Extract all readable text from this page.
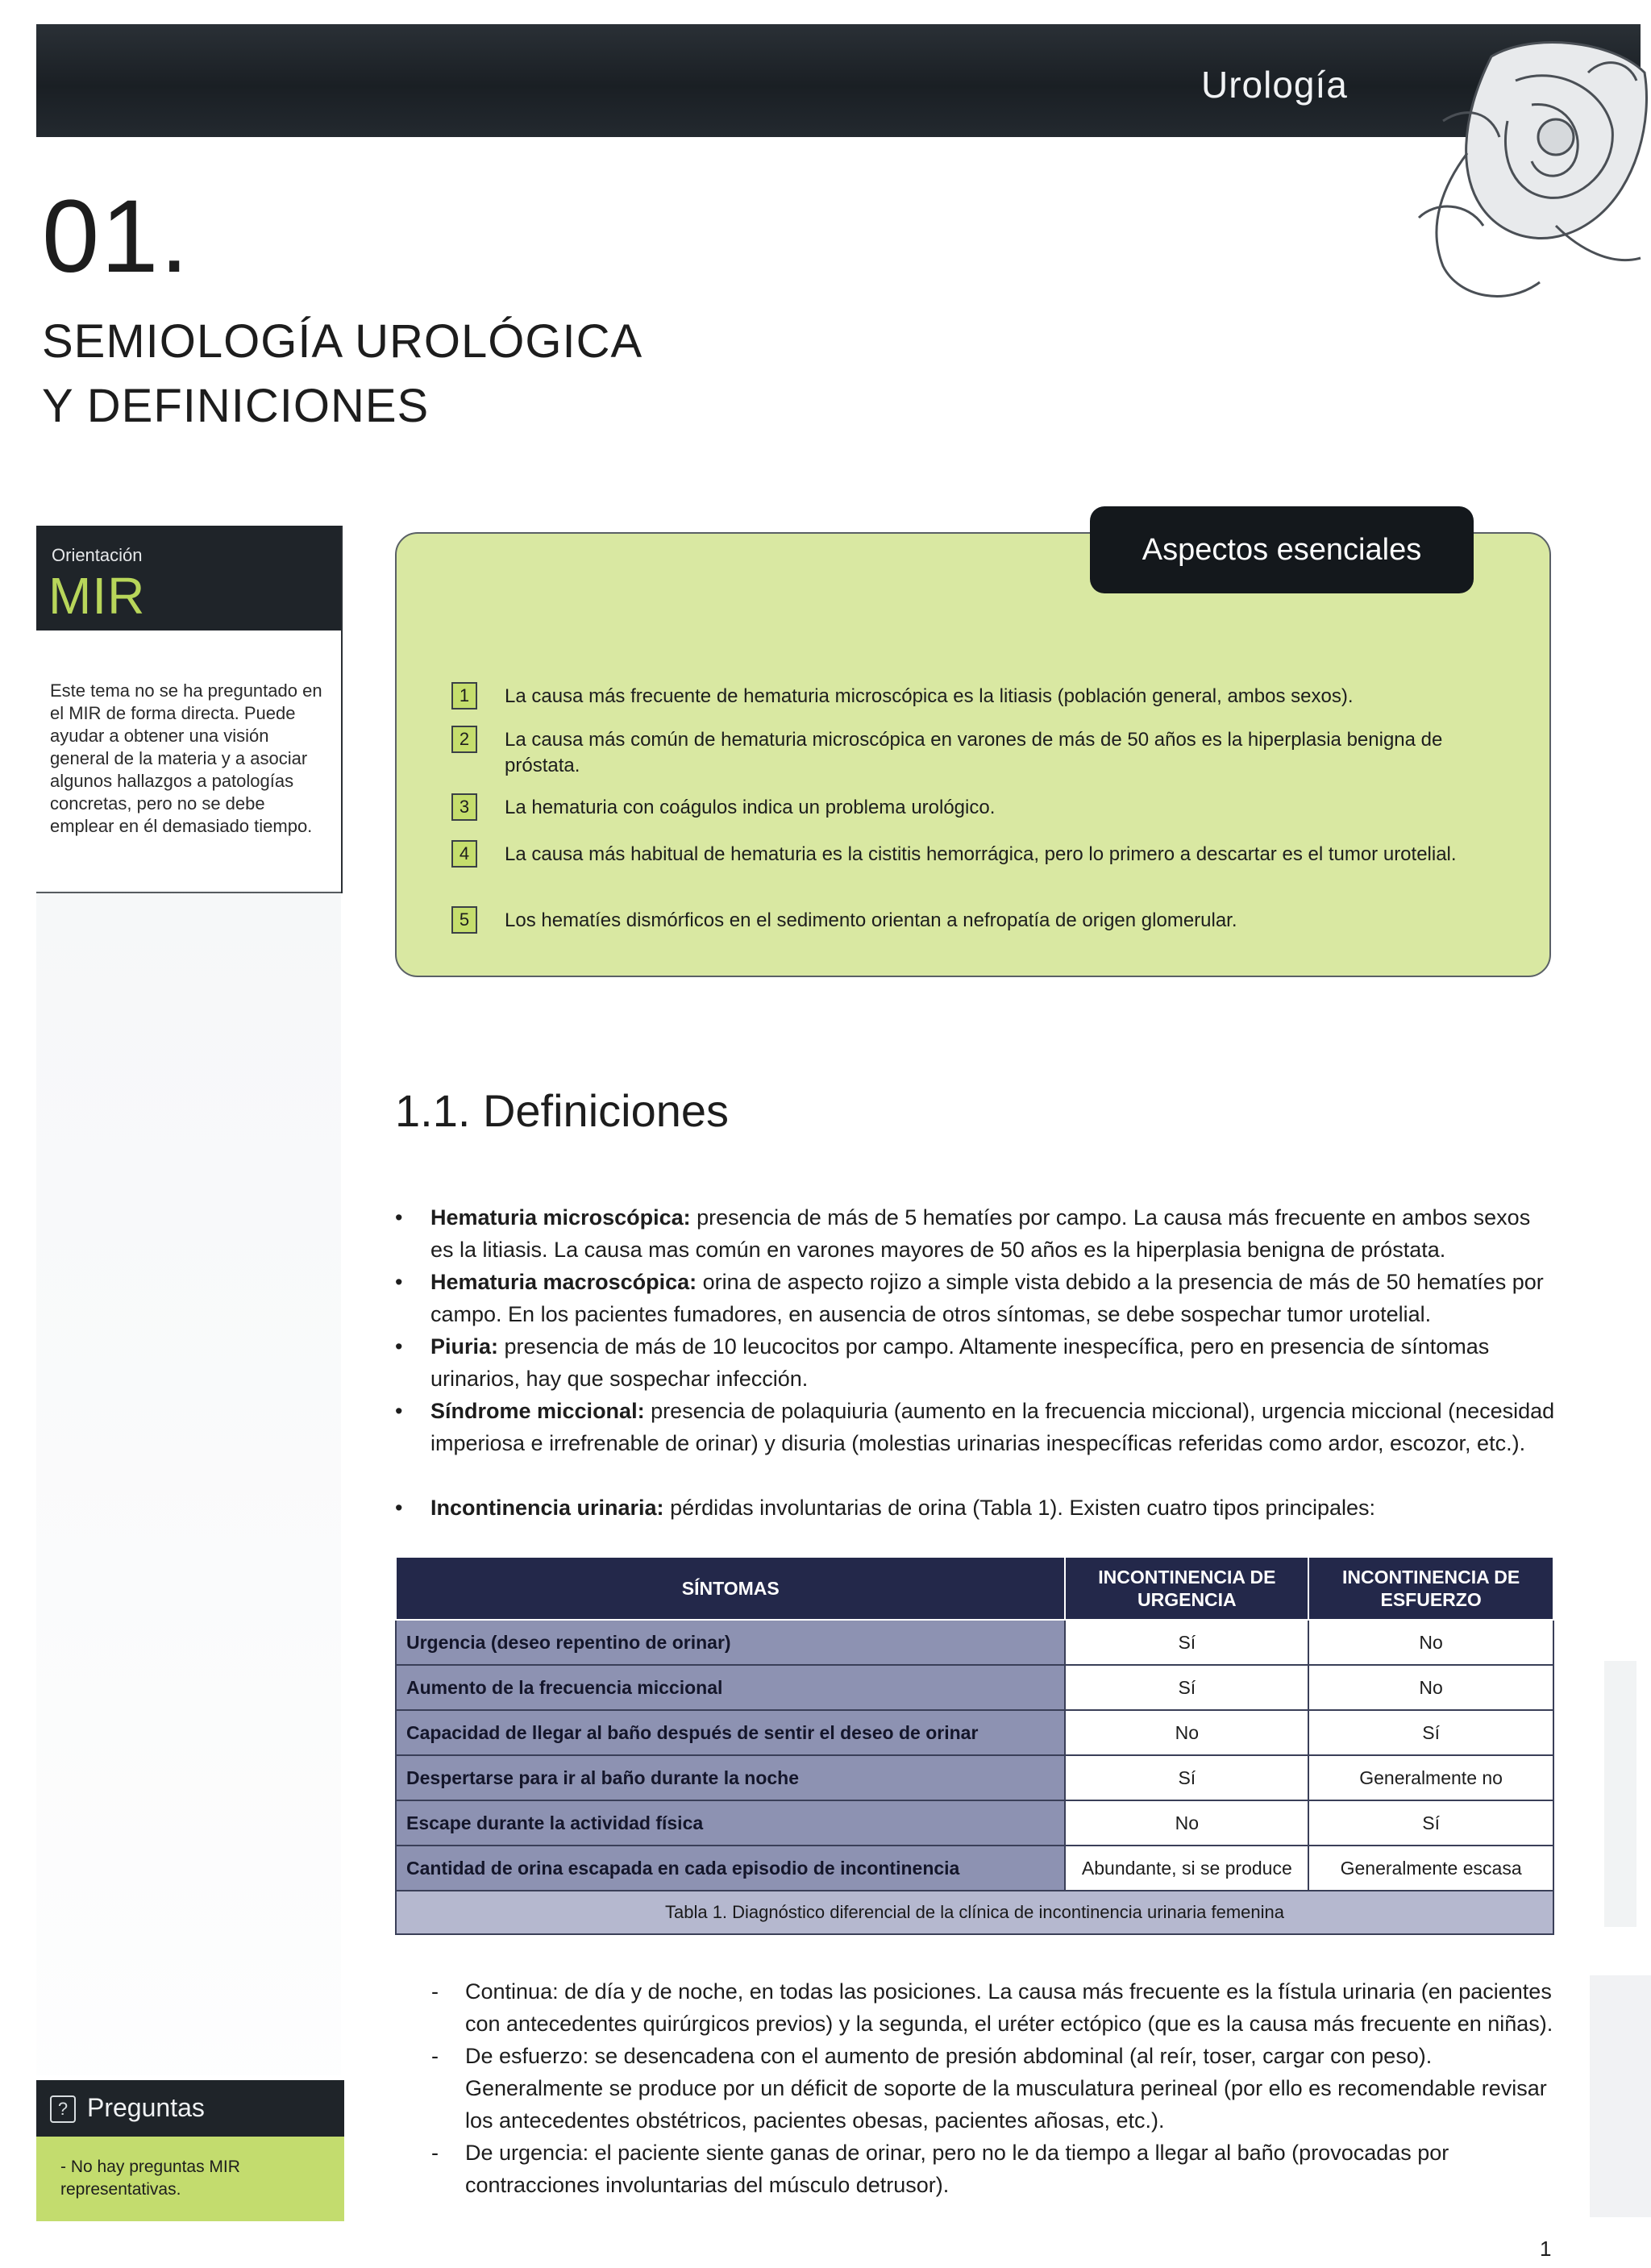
Urología
01.
SEMIOLOGÍA UROLÓGICA
Y DEFINICIONES
Orientación
MIR
Este tema no se ha preguntado en el MIR de forma directa. Puede ayudar a obtener una visión general de la materia y a asociar algunos hallazgos a patologías concretas, pero no se debe emplear en él demasiado tiempo.
Aspectos esenciales
1	La causa más frecuente de hematuria microscópica es la litiasis (población general, ambos sexos).
2	La causa más común de hematuria microscópica en varones de más de 50 años es la hiperplasia benigna de próstata.
3	La hematuria con coágulos indica un problema urológico.
4	La causa más habitual de hematuria es la cistitis hemorrágica, pero lo primero a descartar es el tumor urotelial.
5	Los hematíes dismórficos en el sedimento orientan a nefropatía de origen glomerular.
1.1. Definiciones
• Hematuria microscópica: presencia de más de 5 hematíes por campo. La causa más frecuente en ambos sexos es la litiasis. La causa mas común en varones mayores de 50 años es la hiperplasia benigna de próstata.
• Hematuria macroscópica: orina de aspecto rojizo a simple vista debido a la presencia de más de 50 hematíes por campo. En los pacientes fumadores, en ausencia de otros síntomas, se debe sospechar tumor urotelial.
• Piuria: presencia de más de 10 leucocitos por campo. Altamente inespecífica, pero en presencia de síntomas urinarios, hay que sospechar infección.
• Síndrome miccional: presencia de polaquiuria (aumento en la frecuencia miccional), urgencia miccional (necesidad imperiosa e irrefrenable de orinar) y disuria (molestias urinarias inespecíficas referidas como ardor, escozor, etc.).
• Incontinencia urinaria: pérdidas involuntarias de orina (Tabla 1). Existen cuatro tipos principales:
SÍNTOMAS	INCONTINENCIA DE URGENCIA	INCONTINENCIA DE ESFUERZO
Urgencia (deseo repentino de orinar)	Sí	No
Aumento de la frecuencia miccional	Sí	No
Capacidad de llegar al baño después de sentir el deseo de orinar	No	Sí
Despertarse para ir al baño durante la noche	Sí	Generalmente no
Escape durante la actividad física	No	Sí
Cantidad de orina escapada en cada episodio de incontinencia	Abundante, si se produce	Generalmente escasa
Tabla 1. Diagnóstico diferencial de la clínica de incontinencia urinaria femenina		
- Continua: de día y de noche, en todas las posiciones. La causa más frecuente es la fístula urinaria (en pacientes con antecedentes quirúrgicos previos) y la segunda, el uréter ectópico (que es la causa más frecuente en niñas).
- De esfuerzo: se desencadena con el aumento de presión abdominal (al reír, toser, cargar con peso). Generalmente se produce por un déficit de soporte de la musculatura perineal (por ello es recomendable revisar los antecedentes obstétricos, pacientes obesas, pacientes añosas, etc.).
- De urgencia: el paciente siente ganas de orinar, pero no le da tiempo a llegar al baño (provocadas por contracciones involuntarias del músculo detrusor).
? Preguntas
- No hay preguntas MIR representativas.
1
